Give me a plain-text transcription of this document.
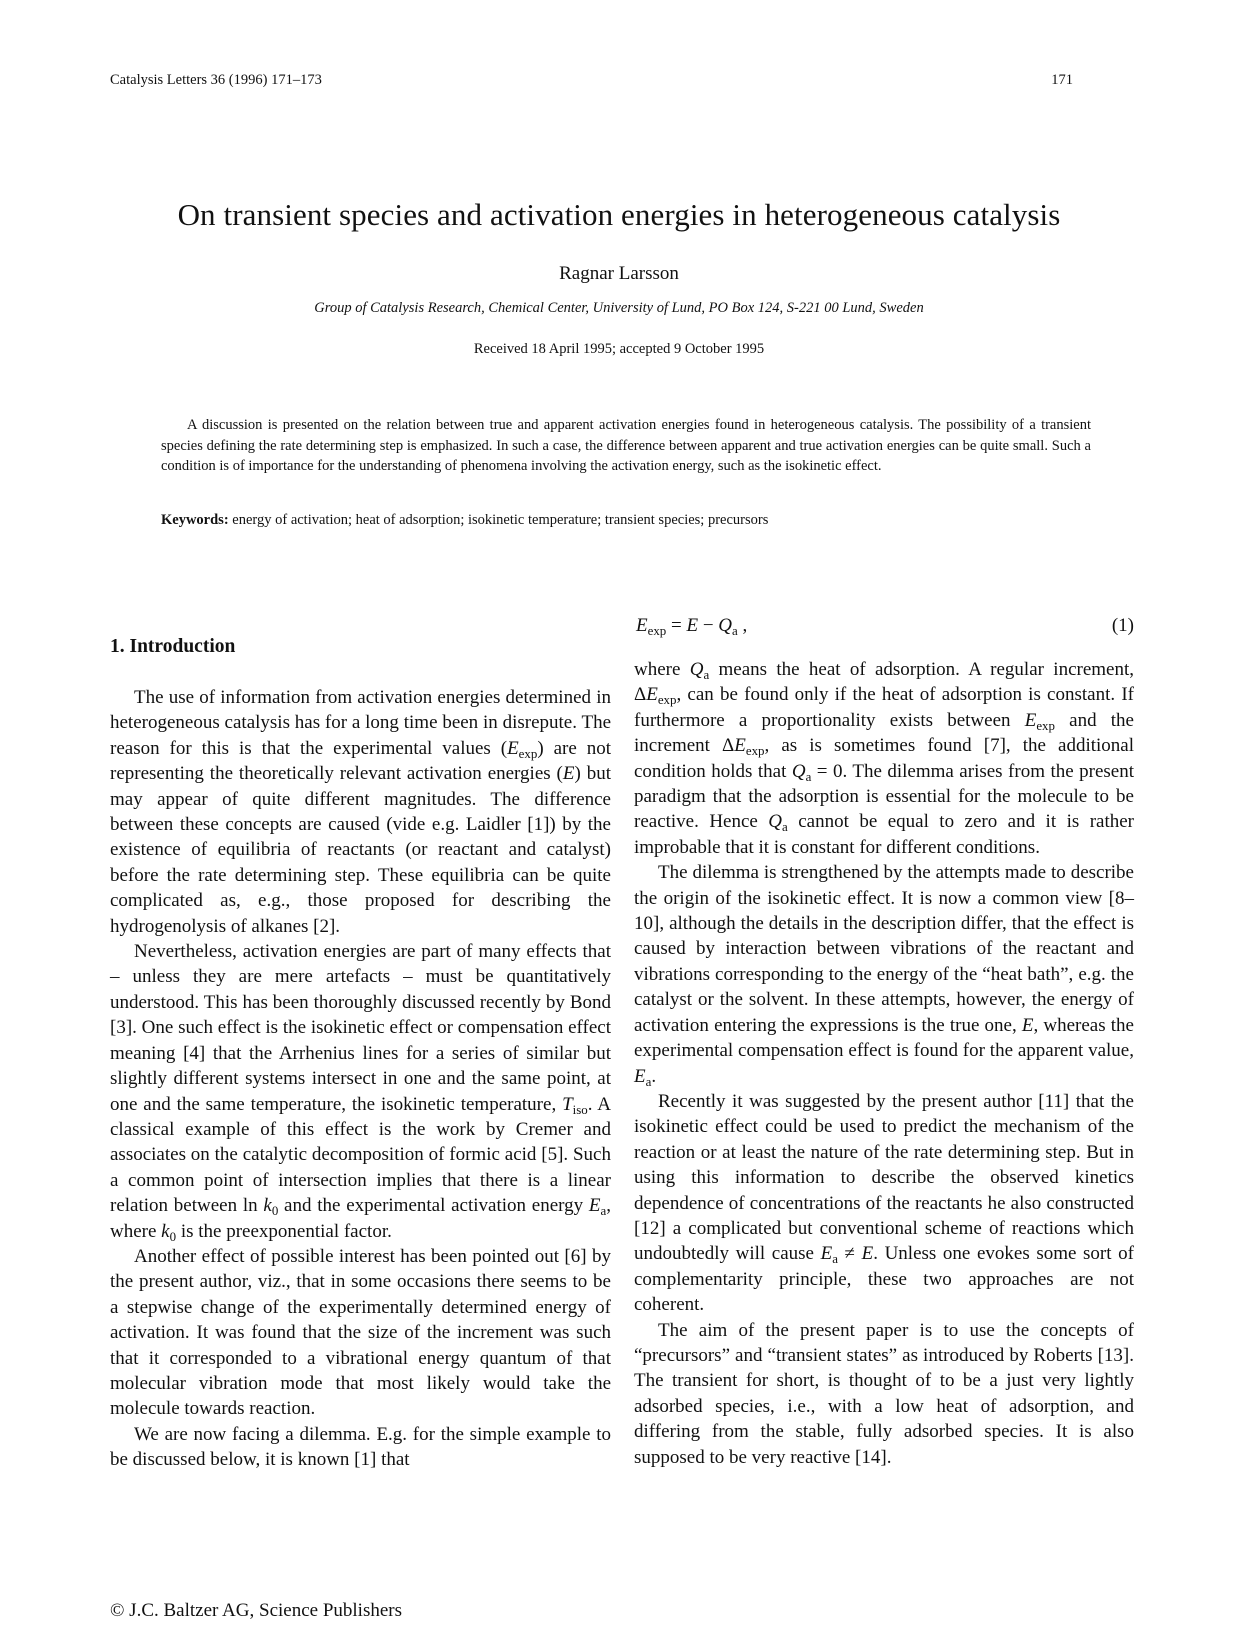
Catalysis Letters 36 (1996) 171–173	171
On transient species and activation energies in heterogeneous catalysis
Ragnar Larsson
Group of Catalysis Research, Chemical Center, University of Lund, PO Box 124, S-221 00 Lund, Sweden
Received 18 April 1995; accepted 9 October 1995
A discussion is presented on the relation between true and apparent activation energies found in heterogeneous catalysis. The possibility of a transient species defining the rate determining step is emphasized. In such a case, the difference between apparent and true activation energies can be quite small. Such a condition is of importance for the understanding of phenomena involving the activation energy, such as the isokinetic effect.
Keywords: energy of activation; heat of adsorption; isokinetic temperature; transient species; precursors
1. Introduction

The use of information from activation energies determined in heterogeneous catalysis has for a long time been in disrepute. The reason for this is that the experimental values $(E_{exp})$ are not representing the theoretically relevant activation energies (E) but may appear of quite different magnitudes. The difference between these concepts are caused (vide e.g. Laidler [1]) by the existence of equilibria of reactants (or reactant and catalyst) before the rate determining step. These equilibria can be quite complicated as, e.g., those proposed for describing the hydrogenolysis of alkanes [2].

Nevertheless, activation energies are part of many effects that – unless they are mere artefacts – must be quantitatively understood. This has been thoroughly discussed recently by Bond [3]. One such effect is the isokinetic effect or compensation effect meaning [4] that the Arrhenius lines for a series of similar but slightly different systems intersect in one and the same point, at one and the same temperature, the isokinetic temperature, $T_{iso}$. A classical example of this effect is the work by Cremer and associates on the catalytic decomposition of formic acid [5]. Such a common point of intersection implies that there is a linear relation between $\ln k_0$ and the experimental activation energy $E_a$, where $k_0$ is the preexponential factor.

Another effect of possible interest has been pointed out [6] by the present author, viz., that in some occasions there seems to be a stepwise change of the experimentally determined energy of activation. It was found that the size of the increment was such that it corresponded to a vibrational energy quantum of that molecular vibration mode that most likely would take the molecule towards reaction.

We are now facing a dilemma. E.g. for the simple example to be discussed below, it is known [1] that

$E_{exp} = E - Q_a$ ,	(1)

where $Q_a$ means the heat of adsorption. A regular increment, $\Delta E_{exp}$, can be found only if the heat of adsorption is constant. If furthermore a proportionality exists between $E_{exp}$ and the increment $\Delta E_{exp}$, as is sometimes found [7], the additional condition holds that $Q_a = 0$. The dilemma arises from the present paradigm that the adsorption is essential for the molecule to be reactive. Hence $Q_a$ cannot be equal to zero and it is rather improbable that it is constant for different conditions.

The dilemma is strengthened by the attempts made to describe the origin of the isokinetic effect. It is now a common view [8–10], although the details in the description differ, that the effect is caused by interaction between vibrations of the reactant and vibrations corresponding to the energy of the “heat bath”, e.g. the catalyst or the solvent. In these attempts, however, the energy of activation entering the expressions is the true one, E, whereas the experimental compensation effect is found for the apparent value, $E_a$.

Recently it was suggested by the present author [11] that the isokinetic effect could be used to predict the mechanism of the reaction or at least the nature of the rate determining step. But in using this information to describe the observed kinetics dependence of concentrations of the reactants he also constructed [12] a complicated but conventional scheme of reactions which undoubtedly will cause $E_a \ne E$. Unless one evokes some sort of complementarity principle, these two approaches are not coherent.

The aim of the present paper is to use the concepts of “precursors” and “transient states” as introduced by Roberts [13]. The transient for short, is thought of to be a just very lightly adsorbed species, i.e., with a low heat of adsorption, and differing from the stable, fully adsorbed species. It is also supposed to be very reactive [14].

© J.C. Baltzer AG, Science Publishers
